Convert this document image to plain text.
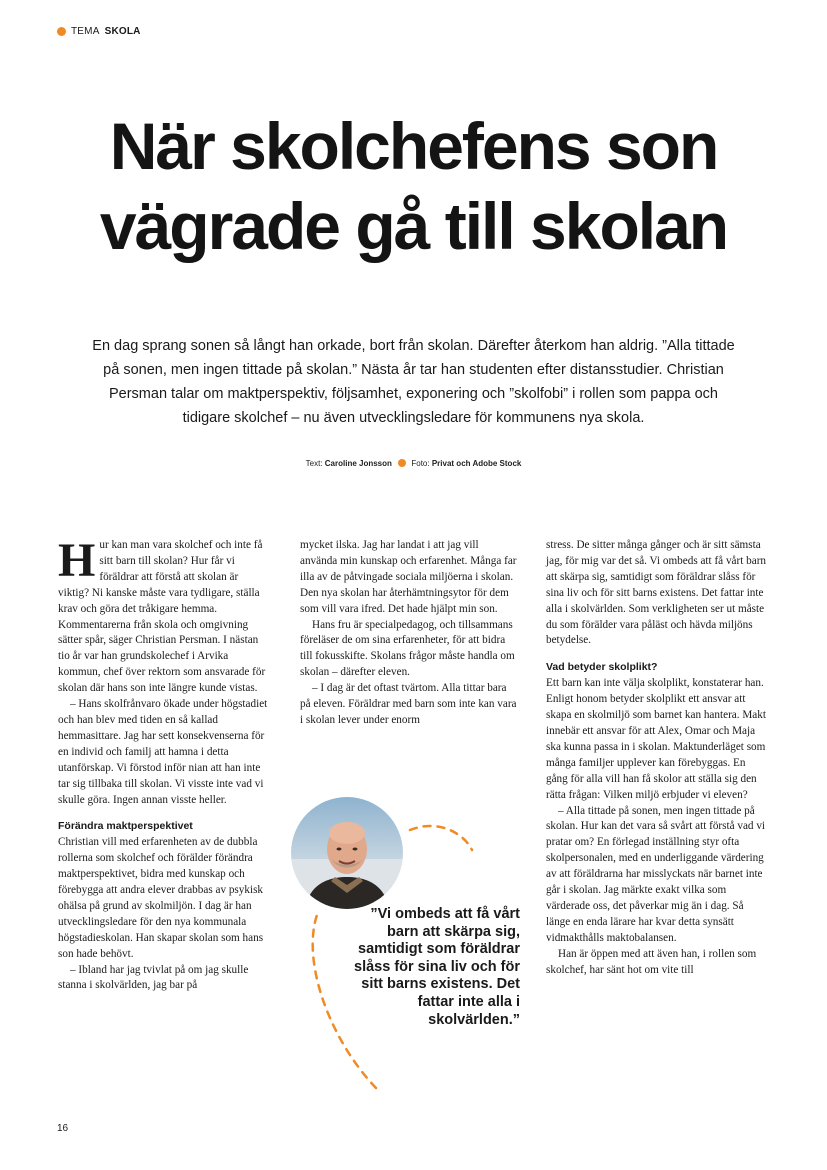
TEMA SKOLA
När skolchefens son vägrade gå till skolan

En dag sprang sonen så långt han orkade, bort från skolan. Därefter återkom han aldrig. ”Alla tittade på sonen, men ingen tittade på skolan.” Nästa år tar han studenten efter distansstudier. Christian Persman talar om maktperspektiv, följsamhet, exponering och ”skolfobi” i rollen som pappa och tidigare skolchef – nu även utvecklingsledare för kommunens nya skola.

Text: Caroline Jonsson Foto: Privat och Adobe Stock

Hur kan man vara skolchef och inte få sitt barn till skolan? Hur får vi föräldrar att förstå att skolan är viktig? Ni kanske måste vara tydligare, ställa krav och göra det tråkigare hemma. Kommentarerna från skola och omgivning sätter spår, säger Christian Persman. I nästan tio år var han grundskolechef i Arvika kommun, chef över rektorn som ansvarade för skolan där hans son inte längre kunde vistas.

– Hans skolfrånvaro ökade under högstadiet och han blev med tiden en så kallad hemmasittare. Jag har sett konsekvenserna för en individ och familj att hamna i detta utanförskap. Vi förstod inför nian att han inte tar sig tillbaka till skolan. Vi visste inte vad vi skulle göra. Ingen annan visste heller.

Förändra maktperspektivet

Christian vill med erfarenheten av de dubbla rollerna som skolchef och förälder förändra maktperspektivet, bidra med kunskap och förebygga att andra elever drabbas av psykisk ohälsa på grund av skolmiljön. I dag är han utvecklingsledare för den nya kommunala högstadieskolan. Han skapar skolan som hans son hade behövt.

– Ibland har jag tvivlat på om jag skulle stanna i skolvärlden, jag bar på

mycket ilska. Jag har landat i att jag vill använda min kunskap och erfarenhet. Många far illa av de påtvingade sociala miljöerna i skolan. Den nya skolan har återhämtningsytor för dem som vill vara ifred. Det hade hjälpt min son.

Hans fru är specialpedagog, och tillsammans föreläser de om sina erfarenheter, för att bidra till fokusskifte. Skolans frågor måste handla om skolan – därefter eleven.

– I dag är det oftast tvärtom. Alla tittar bara på eleven. Föräldrar med barn som inte kan vara i skolan lever under enorm

stress. De sitter många gånger och är sitt sämsta jag, för mig var det så. Vi ombeds att få vårt barn att skärpa sig, samtidigt som föräldrar slåss för sina liv och för sitt barns existens. Det fattar inte alla i skolvärlden. Som verkligheten ser ut måste du som förälder vara påläst och hävda miljöns betydelse.

Vad betyder skolplikt?

Ett barn kan inte välja skolplikt, konstaterar han. Enligt honom betyder skolplikt ett ansvar att skapa en skolmiljö som barnet kan hantera. Makt innebär ett ansvar för att Alex, Omar och Maja ska kunna passa in i skolan. Maktunderläget som många familjer upplever kan förebyggas. En gång för alla vill han få skolor att ställa sig den rätta frågan: Vilken miljö erbjuder vi eleven?

– Alla tittade på sonen, men ingen tittade på skolan. Hur kan det vara så svårt att förstå vad vi pratar om? En förlegad inställning styr ofta skolpersonalen, med en underliggande värdering av att föräldrarna har misslyckats när barnet inte går i skolan. Jag märkte exakt vilka som värderade oss, det påverkar mig än i dag. Så länge en enda lärare har kvar detta synsätt vidmakthålls maktobalansen.

Han är öppen med att även han, i rollen som skolchef, har sänt hot om vite till

”Vi ombeds att få vårt barn att skärpa sig, samtidigt som föräldrar slåss för sina liv och för sitt barns existens. Det fattar inte alla i skolvärlden.”

16
